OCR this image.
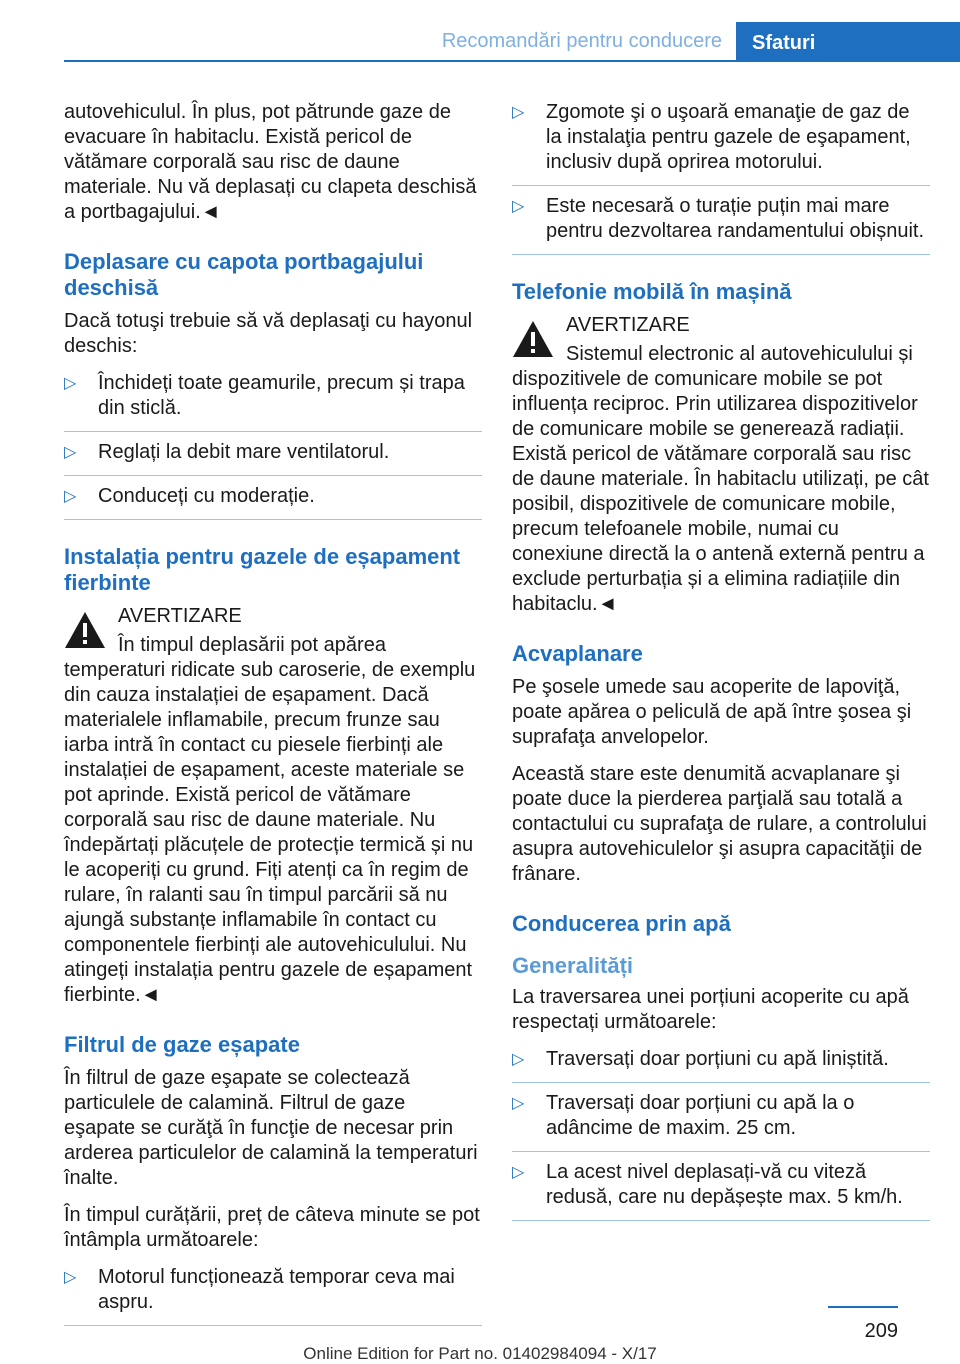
Recomandări pentru conducere	Sfaturi

autovehiculul. În plus, pot pătrunde gaze de evacuare în habitaclu. Există pericol de vătămare corporală sau risc de daune materiale. Nu vă deplasați cu clapeta deschisă a portbagajului.◄

Deplasare cu capota portbagajului deschisă

Dacă totuşi trebuie să vă deplasaţi cu hayonul deschis:

▷ Închideți toate geamurile, precum și trapa din sticlă.
▷ Reglați la debit mare ventilatorul.
▷ Conduceți cu moderație.
Instalația pentru gazele de eșapament fierbinte
AVERTIZARE
În timpul deplasării pot apărea temperaturi ridicate sub caroserie, de exemplu din cauza instalației de eșapament. Dacă materialele inflamabile, precum frunze sau iarba intră în contact cu piesele fierbinți ale instalației de eșapament, aceste materiale se pot aprinde. Există pericol de vătămare corporală sau risc de daune materiale. Nu îndepărtați plăcuțele de protecție termică și nu le acoperiți cu grund. Fiți atenți ca în regim de rulare, în ralanti sau în timpul parcării să nu ajungă substanțe inflamabile în contact cu componentele fierbinți ale autovehiculului. Nu atingeți instalația pentru gazele de eșapament fierbinte.◄
Filtrul de gaze eșapate

În filtrul de gaze eşapate se colectează particulele de calamină. Filtrul de gaze eşapate se curăţă în funcţie de necesar prin arderea particulelor de calamină la temperaturi înalte.

În timpul curățării, preț de câteva minute se pot întâmpla următoarele:

▷ Motorul funcționează temporar ceva mai aspru.
▷ Zgomote şi o uşoară emanaţie de gaz de la instalaţia pentru gazele de eşapament, inclusiv după oprirea motorului.
▷ Este necesară o turație puțin mai mare pentru dezvoltarea randamentului obișnuit.
Telefonie mobilă în mașină
AVERTIZARE
Sistemul electronic al autovehiculului și dispozitivele de comunicare mobile se pot influența reciproc. Prin utilizarea dispozitivelor de comunicare mobile se generează radiații. Există pericol de vătămare corporală sau risc de daune materiale. În habitaclu utilizați, pe cât posibil, dispozitivele de comunicare mobile, precum telefoanele mobile, numai cu conexiune directă la o antenă externă pentru a exclude perturbația și a elimina radiațiile din habitaclu.◄
Acvaplanare

Pe şosele umede sau acoperite de lapoviţă, poate apărea o peliculă de apă între şosea şi suprafaţa anvelopelor.

Această stare este denumită acvaplanare şi poate duce la pierderea parţială sau totală a contactului cu suprafaţa de rulare, a controlului asupra autovehiculelor şi asupra capacităţii de frânare.

Conducerea prin apă
Generalități

La traversarea unei porțiuni acoperite cu apă respectați următoarele:

▷ Traversați doar porțiuni cu apă liniștită.
▷ Traversați doar porțiuni cu apă la o adâncime de maxim. 25 cm.
▷ La acest nivel deplasați-vă cu viteză redusă, care nu depășește max. 5 km/h.
209
Online Edition for Part no. 01402984094 - X/17
